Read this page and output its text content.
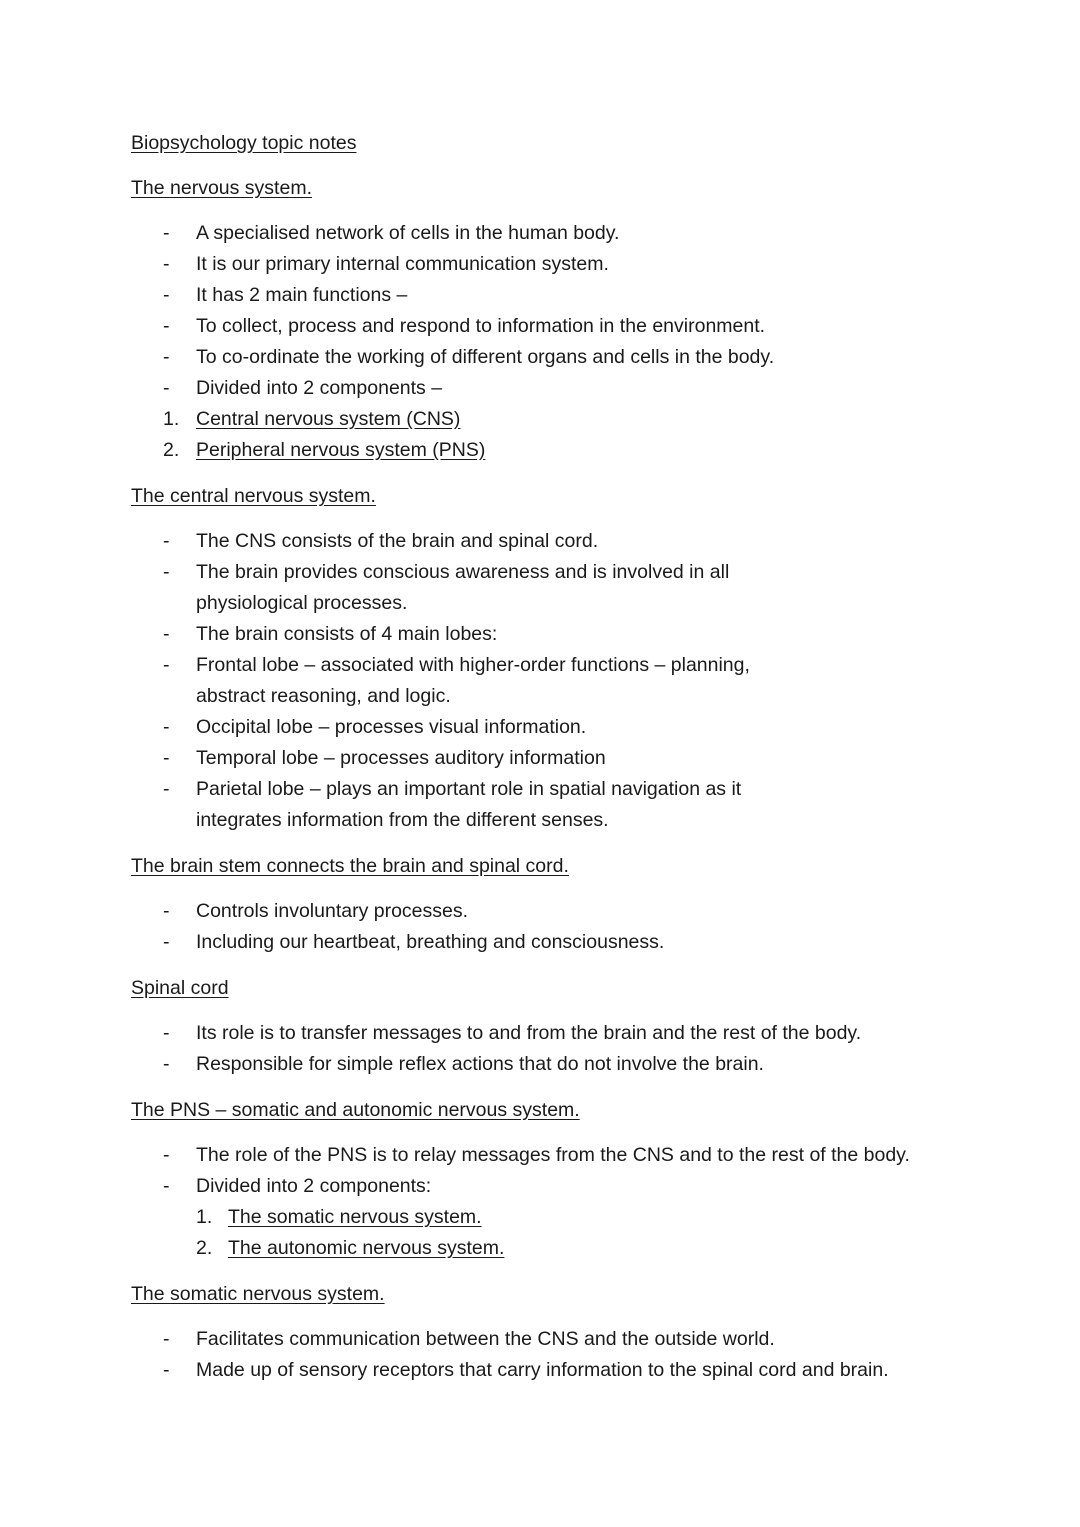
Biopsychology topic notes
The nervous system.
- A specialised network of cells in the human body.
- It is our primary internal communication system.
- It has 2 main functions –
- To collect, process and respond to information in the environment.
- To co-ordinate the working of different organs and cells in the body.
- Divided into 2 components –
1. Central nervous system (CNS)
2. Peripheral nervous system (PNS)
The central nervous system.
- The CNS consists of the brain and spinal cord.
- The brain provides conscious awareness and is involved in all physiological processes.
- The brain consists of 4 main lobes:
- Frontal lobe – associated with higher-order functions – planning, abstract reasoning, and logic.
- Occipital lobe – processes visual information.
- Temporal lobe – processes auditory information
- Parietal lobe – plays an important role in spatial navigation as it integrates information from the different senses.
The brain stem connects the brain and spinal cord.
- Controls involuntary processes.
- Including our heartbeat, breathing and consciousness.
Spinal cord
- Its role is to transfer messages to and from the brain and the rest of the body.
- Responsible for simple reflex actions that do not involve the brain.
The PNS – somatic and autonomic nervous system.
- The role of the PNS is to relay messages from the CNS and to the rest of the body.
- Divided into 2 components:
1. The somatic nervous system.
2. The autonomic nervous system.
The somatic nervous system.
- Facilitates communication between the CNS and the outside world.
- Made up of sensory receptors that carry information to the spinal cord and brain.
